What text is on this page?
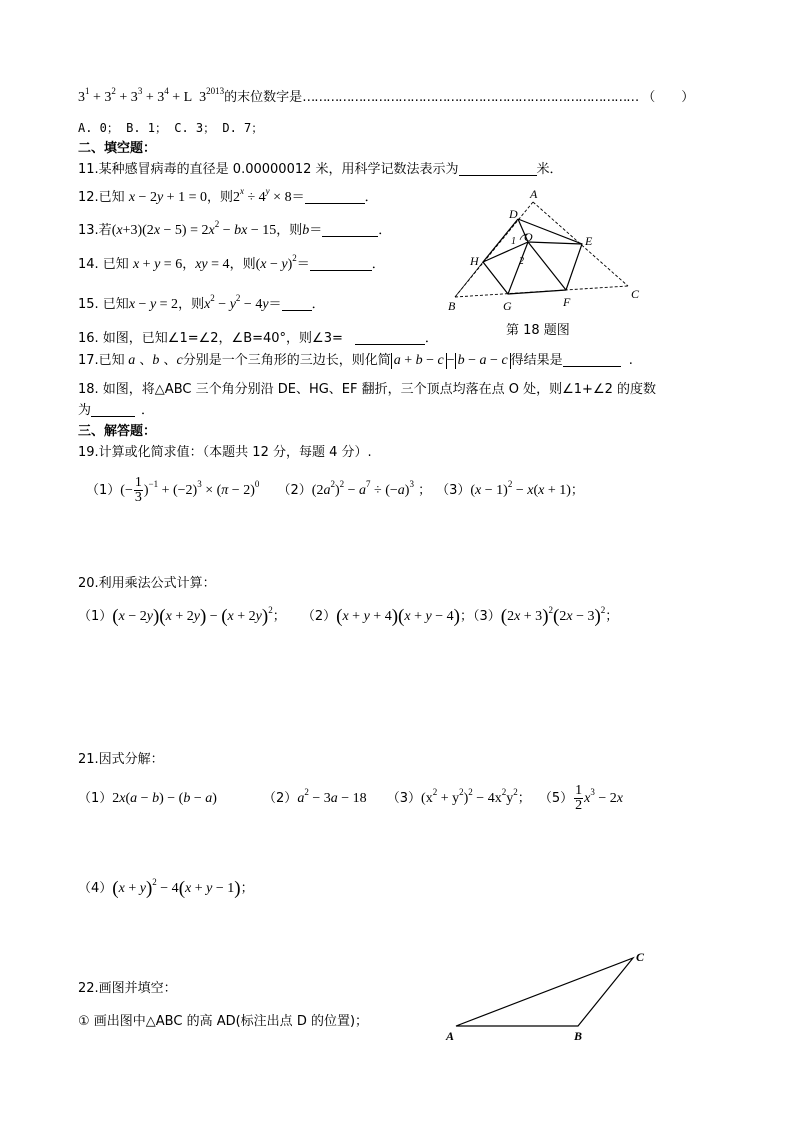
$3^1 + 3^2 + 3^3 + 3^4 + L$  $3^{2013}$的末位数字是………………………………………………………………………… （　　）
A. 0； B. 1； C. 3； D. 7；
二、填空题：
11.某种感冒病毒的直径是 0.00000012 米，用科学记数法表示为	米．
12.已知 x − 2y + 1 = 0，则$2^x \div 4^y \times 8=$	．
13.若$(x+3)(2x - 5) = 2x^2$ − bx − 15，则b＝	．
14. 已知 x + y = 6，xy = 4，则$(x - y)^2=$	．
15. 已知x − y = 2，则$x^2 - y^2 - 4y=$ ．
16. 如图，已知∠1=∠2，∠B=40°，则∠3=	．
17.已知 a 、b 、c分别是一个三角形的三边长，则化简 a + b − c − b − a − c 得结果是	.
18. 如图，将△ABC 三个角分别沿 DE、HG、EF 翻折，三个顶点均落在点 O 处，则∠1+∠2 的度数
为	．
A
D
E
O
1
2
H
B	G	F
C
第 18 题图
三、解答题：
19.计算或化简求值：（本题共 12 分，每题 4 分）.
$(1)(- \frac{1}{3} )^{-1} + (-2)^3 \times (\pi - 2)^0$ $(2)(2a^2)^2 - a^7 \div (-a)^3$ ； $(3)(x - 1)^2 - x(x + 1)$；
20.利用乘法公式计算：
$(1)(x - 2y)(x + 2y) - (x + 2y)^2$； （2）(x + y + 4)(x + y − 4)；$(3)(2x + 3)^2(2x - 3)^2$；
21.因式分解：
（1）2x(a − b) − (b − a)	$(2)a^2 - 3a - 18$ $(3)(x^2 + y^2)^2 - 4x^2y^2$； $(5) \frac{1}{2} x^3 - 2x$
$(4)(x + y)^2 - 4(x + y - 1)$；
22.画图并填空：
① 画出图中△ABC 的高 AD(标注出点 D 的位置)；
A	B
C
